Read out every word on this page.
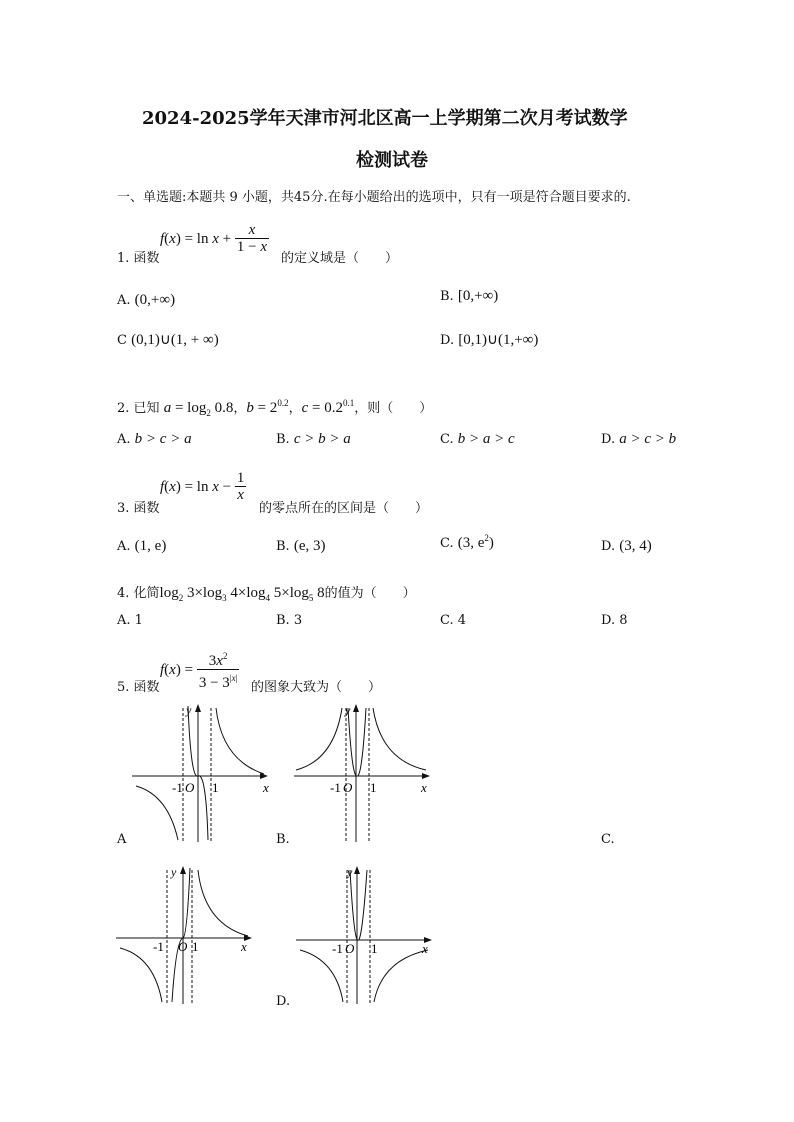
2024-2025学年天津市河北区高一上学期第二次月考试数学
检测试卷
一、单选题:本题共 9 小题，共45分.在每小题给出的选项中，只有一项是符合题目要求的.
1. 函数
$f(x) = \ln x + \frac{x}{1 - x}$
的定义域是（　　）
A. (0,+∞)	B. [0,+∞)
C (0,1)∪(1, + ∞)	D. [0,1)∪(1,+∞)
2. 已知 $a = \log_2 0.8$，$b = 2^{0.2}$，$c = 0.2^{0.1}$，则（　　）
A. b > c > a	B. c > b > a	C. b > a > c	D. a > c > b
3. 函数
$f(x) = \ln x - \frac{1}{x}$
的零点所在的区间是（　　）
A. (1, e)	B. (e, 3)	C. (3, $e^2$)	D. (3, 4)
4. 化简$\log_2 3\times\log_3$ $4\times\log_4$ $5\times\log_5$ 8的值为（　　）
A. 1	B. 3	C. 4	D. 8
5. 函数
$f(x) = \frac{3x^2}{3 - 3^{|x|}}$ 的图象大致为（　　）
x
y
-1 O 1
A
x
y
-1 O 1
B.	C.
x
y
-1 O 1	x
y
-1 O 1
D.
